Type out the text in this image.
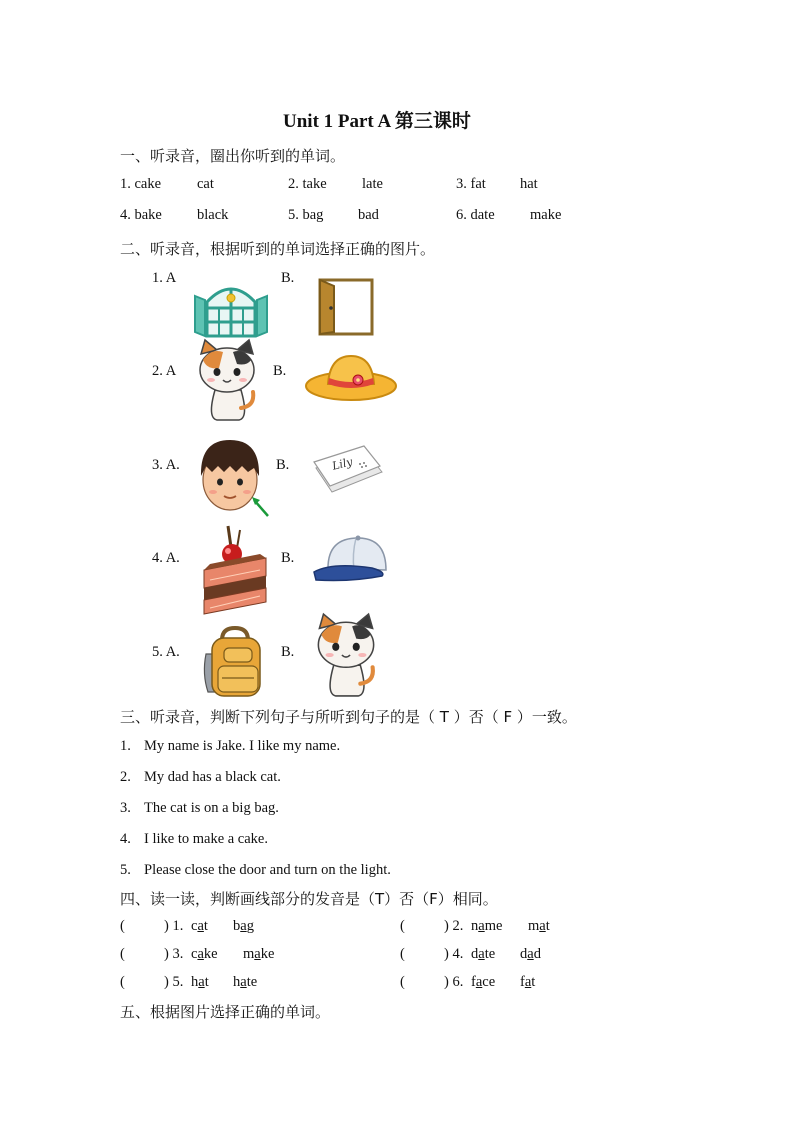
Unit 1 Part A 第三课时
一、听录音，圈出你听到的单词。
1. cake cat	2. take late	3. fat hat
4. bake black	5. bag bad	6. date make
二、听录音，根据听到的单词选择正确的图片。
1. A	B.
2. A	B.
3. A.	B.	Lily
4. A.	B.
5. A.	B.
三、听录音，判断下列句子与所听到句子的是（ T ）否（ F ）一致。
1. My name is Jake. I like my name.
2. My dad has a black cat.
3. The cat is on a big bag.
4. I like to make a cake.
5. Please close the door and turn on the light.
四、读一读，判断画线部分的发音是（T）否（F）相同。
(	) 1. cat bag	(	) 2. name mat
(	) 3. cake make	(	) 4. date dad
(	) 5. hat hate	(	) 6. face fat
五、根据图片选择正确的单词。
